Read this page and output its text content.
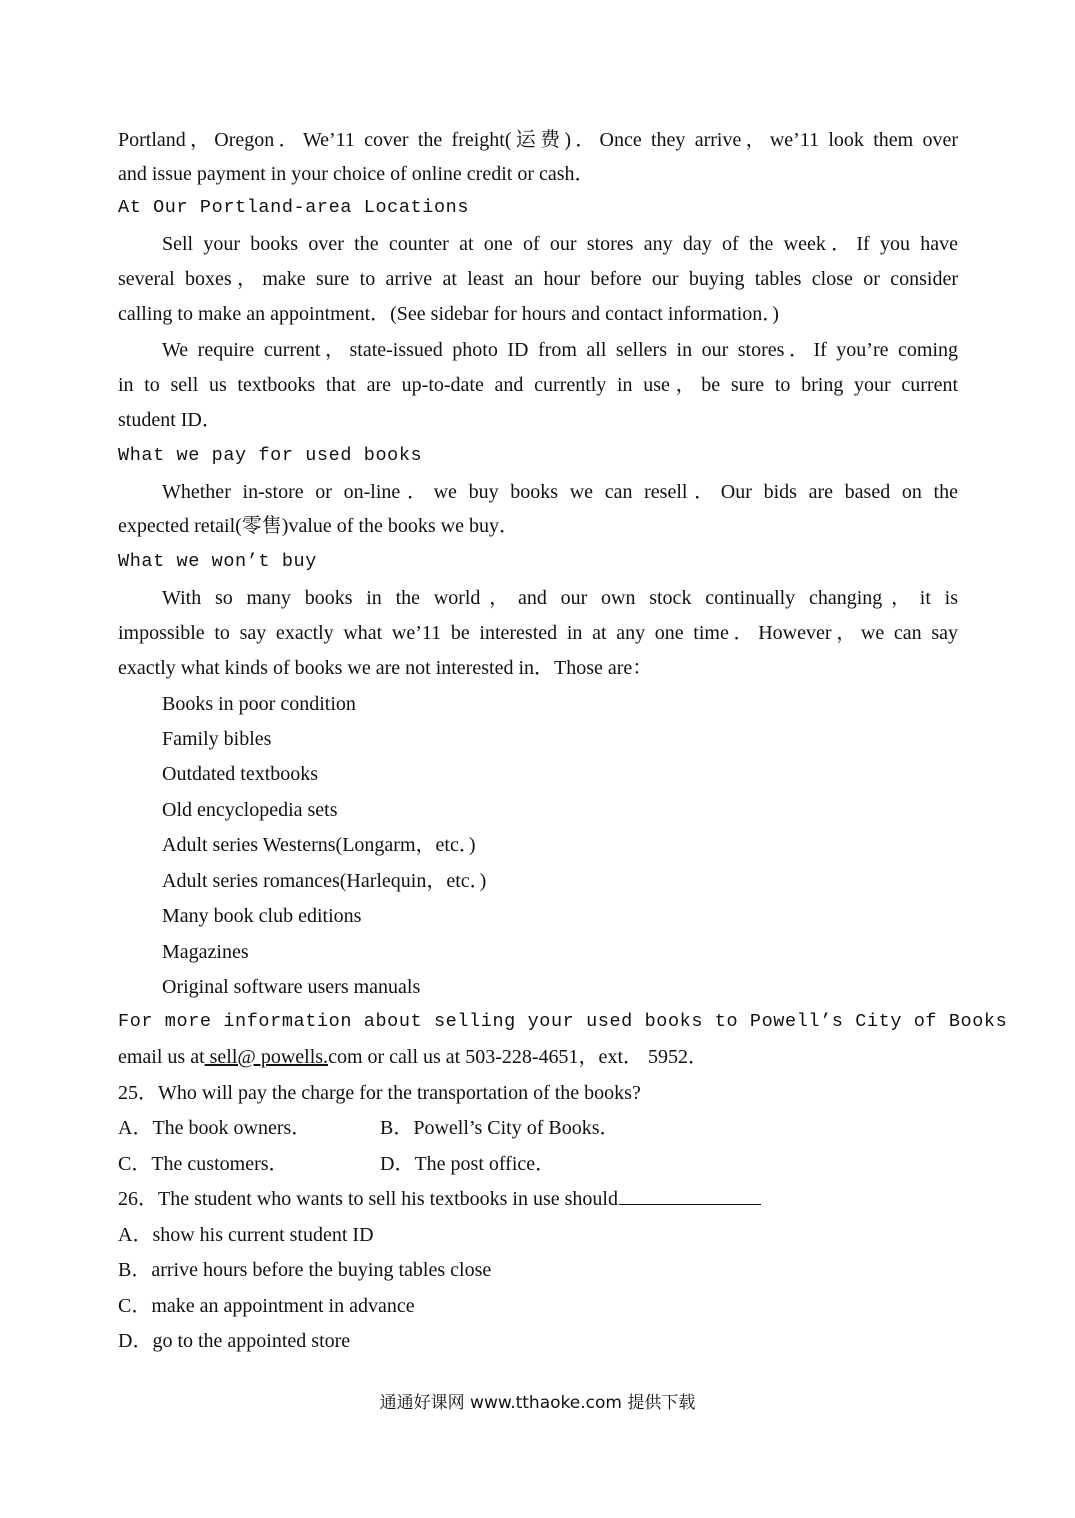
Portland，Oregon．We’11 cover the freight(运费)．Once they arrive，we’11 look them over
and issue payment in your choice of online credit or cash．
At Our Portland-area Locations
Sell your books over the counter at one of our stores any day of the week．If you have
several boxes，make sure to arrive at least an hour before our buying tables close or consider
calling to make an appointment．(See sidebar for hours and contact information．)
We require current，state-issued photo ID from all sellers in our stores．If you’re coming
in to sell us textbooks that are up-to-date and currently in use，be sure to bring your current
student ID．
What we pay for used books
Whether in-store or on-line．we buy books we can resell．Our bids are based on the
expected retail(零售)value of the books we buy．
What we won’t buy
With so many books in the world，and our own stock continually changing，it is
impossible to say exactly what we’11 be interested in at any one time．However，we can say
exactly what kinds of books we are not interested in．Those are：
Books in poor condition
Family bibles
Outdated textbooks
Old encyclopedia sets
Adult series Westerns(Longarm，etc．)
Adult series romances(Harlequin，etc．)
Many book club editions
Magazines
Original software users manuals
For more information about selling your used books to Powell’s City of Books
email us at sell@ powells.com or call us at 503-228-4651，ext． 5952．
25．Who will pay the charge for the transportation of the books?
A．The book owners．	B．Powell’s City of Books．
C．The customers．	D．The post office．
26．The student who wants to sell his textbooks in use should
A．show his current student ID
B．arrive hours before the buying tables close
C．make an appointment in advance
D．go to the appointed store
通通好课网 www.tthaoke.com 提供下载
